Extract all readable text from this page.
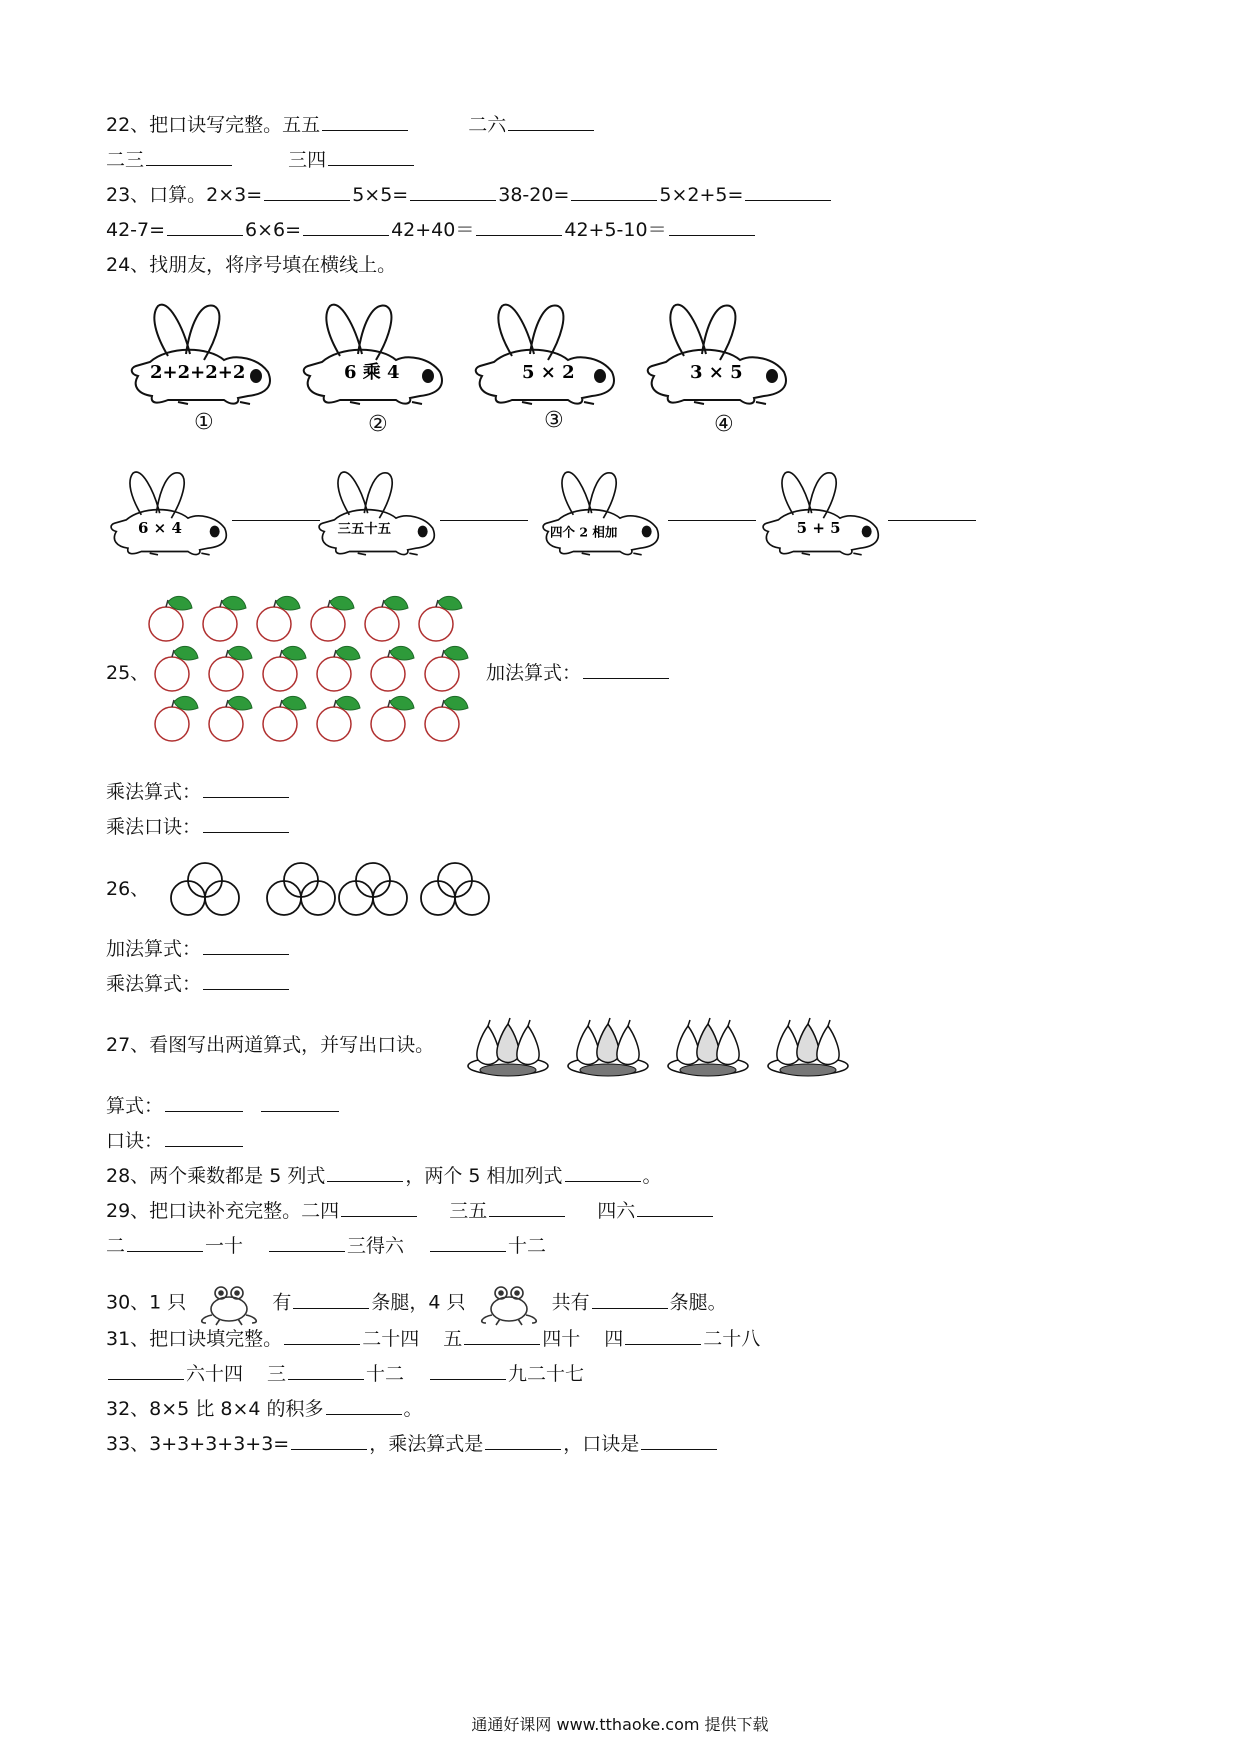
22、把口诀写完整。五五	二六
二三	三四
23、口算。2×3=	5×5=	38-20=	5×2+5=
42-7=	6×6=	42+40＝	42+5-10＝
24、找朋友，将序号填在横线上。
2+2+2+2	6 乘 4	5 × 2	3 × 5
①	②	③	④
6 × 4	三五十五	四个 2 相加	5 + 5
25、	加法算式：
乘法算式：
乘法口诀：
26、
加法算式：
乘法算式：
27、看图写出两道算式，并写出口诀。
算式：
口诀：
28、两个乘数都是 5 列式	，两个 5 相加列式	。
29、把口诀补充完整。二四	三五	四六
二	一十	三得六	十二
30、1 只	有	条腿，4 只	共有	条腿。
31、把口诀填完整。	二十四 五	四十 四	二十八
六十四 三	十二	九二十七
32、8×5 比 8×4 的积多	。
33、3+3+3+3+3=	，乘法算式是	，口诀是
通通好课网 www.tthaoke.com 提供下载
